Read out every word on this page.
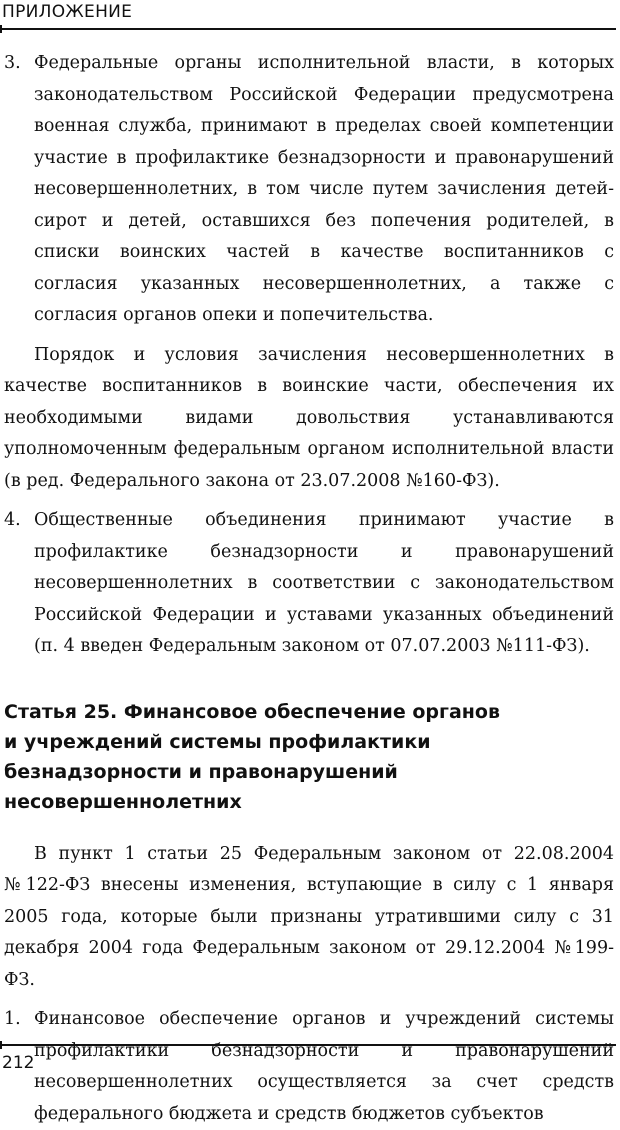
ПРИЛОЖЕНИЕ

3. Федеральные органы исполнительной власти, в которых законодательством Российской Федерации предусмотрена военная служба, принимают в пределах своей компетенции участие в профилактике безнадзорности и правонарушений несовершеннолетних, в том числе путем зачисления детей-сирот и детей, оставшихся без попечения родителей, в списки воинских частей в качестве воспитанников с согласия указанных несовершеннолетних, а также с согласия органов опеки и попечительства.

Порядок и условия зачисления несовершеннолетних в качестве воспитанников в воинские части, обеспечения их необходимыми видами довольствия устанавливаются уполномоченным федеральным органом исполнительной власти (в ред. Федерального закона от 23.07.2008 №160-ФЗ).

4. Общественные объединения принимают участие в профилактике безнадзорности и правонарушений несовершеннолетних в соответствии с законодательством Российской Федерации и уставами указанных объединений (п. 4 введен Федеральным законом от 07.07.2003 №111-ФЗ).

Статья 25. Финансовое обеспечение органов
и учреждений системы профилактики
безнадзорности и правонарушений
несовершеннолетних

В пункт 1 статьи 25 Федеральным законом от 22.08.2004 №122-ФЗ внесены изменения, вступающие в силу с 1 января 2005 года, которые были признаны утратившими силу с 31 декабря 2004 года Федеральным законом от 29.12.2004 №199-ФЗ.

1. Финансовое обеспечение органов и учреждений системы профилактики безнадзорности и правонарушений несовершеннолетних осуществляется за счет средств федерального бюджета и средств бюджетов субъектов

212
